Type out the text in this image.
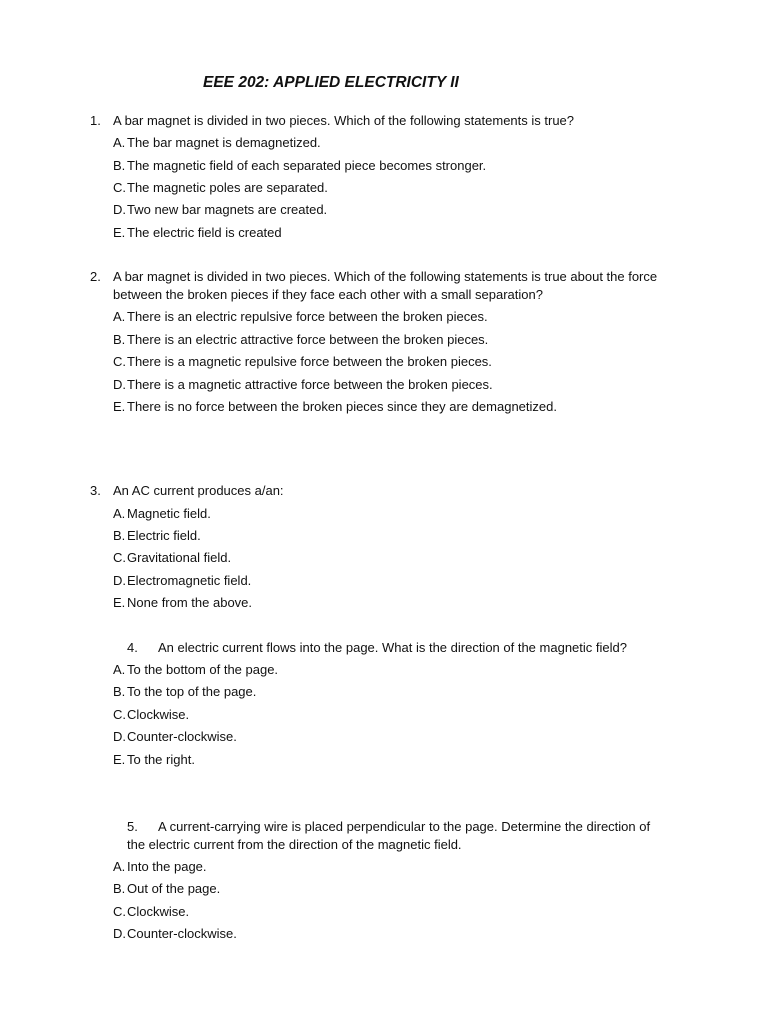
EEE 202: APPLIED ELECTRICITY II
1. A bar magnet is divided in two pieces. Which of the following statements is true?
A. The bar magnet is demagnetized.
B. The magnetic field of each separated piece becomes stronger.
C.The magnetic poles are separated.
D.Two new bar magnets are created.
E. The electric field is created
2. A bar magnet is divided in two pieces. Which of the following statements is true about the force
between the broken pieces if they face each other with a small separation?
A. There is an electric repulsive force between the broken pieces.
B. There is an electric attractive force between the broken pieces.
C.There is a magnetic repulsive force between the broken pieces.
D.There is a magnetic attractive force between the broken pieces.
E. There is no force between the broken pieces since they are demagnetized.
3. An AC current produces a/an:
A. Magnetic field.
B. Electric field.
C.Gravitational field.
D.Electromagnetic field.
E. None from the above.
4. An electric current flows into the page. What is the direction of the magnetic field?
A. To the bottom of the page.
B. To the top of the page.
C.Clockwise.
D.Counter-clockwise.
E. To the right.
5. A current-carrying wire is placed perpendicular to the page. Determine the direction of
the electric current from the direction of the magnetic field.
A. Into the page.
B. Out of the page.
C.Clockwise.
D.Counter-clockwise.
